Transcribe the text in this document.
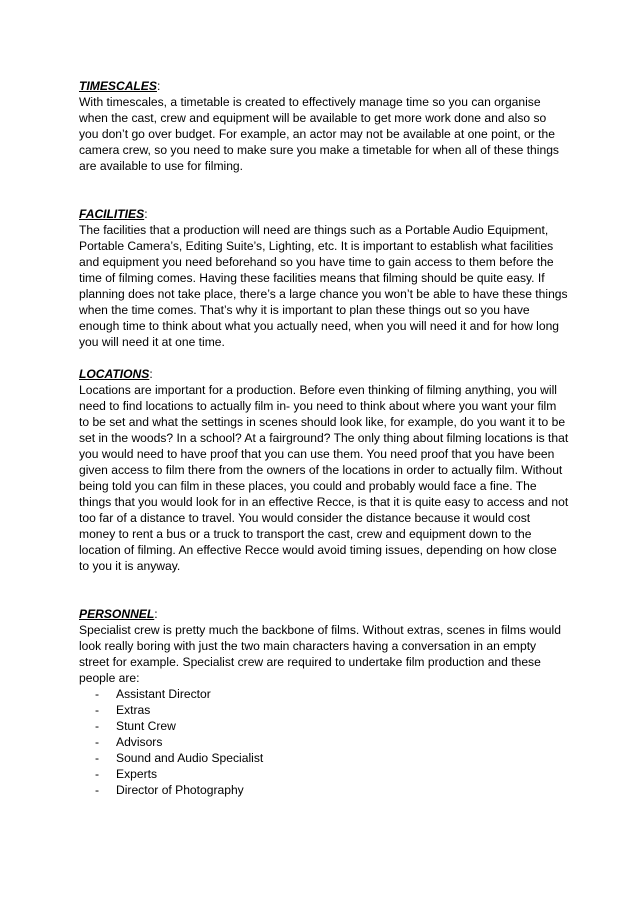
TIMESCALES:

With timescales, a timetable is created to effectively manage time so you can organise when the cast, crew and equipment will be available to get more work done and also so you don’t go over budget. For example, an actor may not be available at one point, or the camera crew, so you need to make sure you make a timetable for when all of these things are available to use for filming.

FACILITIES:

The facilities that a production will need are things such as a Portable Audio Equipment, Portable Camera’s, Editing Suite’s, Lighting, etc. It is important to establish what facilities and equipment you need beforehand so you have time to gain access to them before the time of filming comes. Having these facilities means that filming should be quite easy. If planning does not take place, there’s a large chance you won’t be able to have these things when the time comes. That’s why it is important to plan these things out so you have enough time to think about what you actually need, when you will need it and for how long you will need it at one time.

LOCATIONS:

Locations are important for a production. Before even thinking of filming anything, you will need to find locations to actually film in- you need to think about where you want your film to be set and what the settings in scenes should look like, for example, do you want it to be set in the woods? In a school? At a fairground? The only thing about filming locations is that you would need to have proof that you can use them. You need proof that you have been given access to film there from the owners of the locations in order to actually film. Without being told you can film in these places, you could and probably would face a fine. The things that you would look for in an effective Recce, is that it is quite easy to access and not too far of a distance to travel. You would consider the distance because it would cost money to rent a bus or a truck to transport the cast, crew and equipment down to the location of filming. An effective Recce would avoid timing issues, depending on how close to you it is anyway.

PERSONNEL:

Specialist crew is pretty much the backbone of films. Without extras, scenes in films would look really boring with just the two main characters having a conversation in an empty street for example. Specialist crew are required to undertake film production and these people are:

- Assistant Director
- Extras
- Stunt Crew
- Advisors
- Sound and Audio Specialist
- Experts
- Director of Photography
